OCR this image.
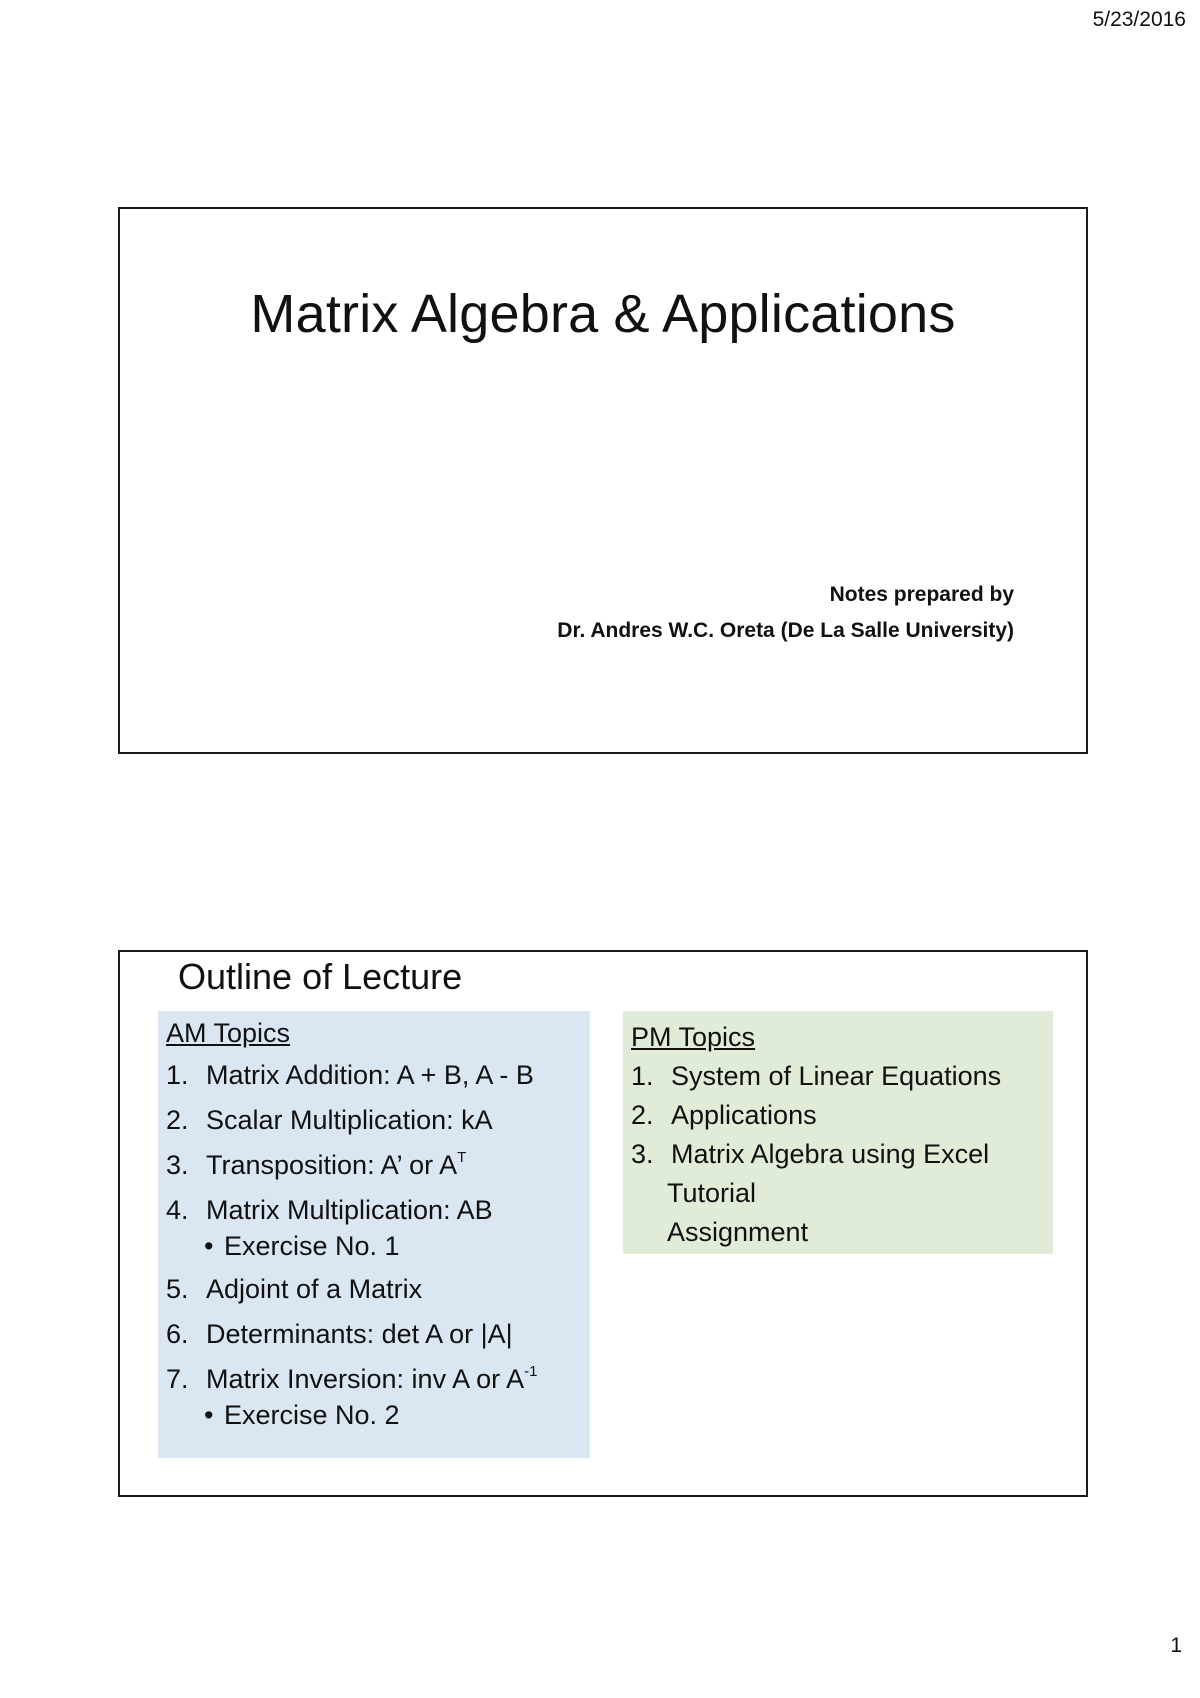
5/23/2016
Matrix Algebra & Applications
Notes prepared by
Dr. Andres W.C. Oreta (De La Salle University)
Outline of Lecture
AM Topics
1. Matrix Addition: A + B, A - B
2. Scalar Multiplication: kA
3. Transposition: A’ or $A^T$
4. Matrix Multiplication: AB
• Exercise No. 1
5. Adjoint of a Matrix
6. Determinants: det A or |A|
7. Matrix Inversion: inv A or $A^{-1}$
• Exercise No. 2
PM Topics
1. System of Linear Equations
2. Applications
3. Matrix Algebra using Excel
Tutorial
Assignment
1
